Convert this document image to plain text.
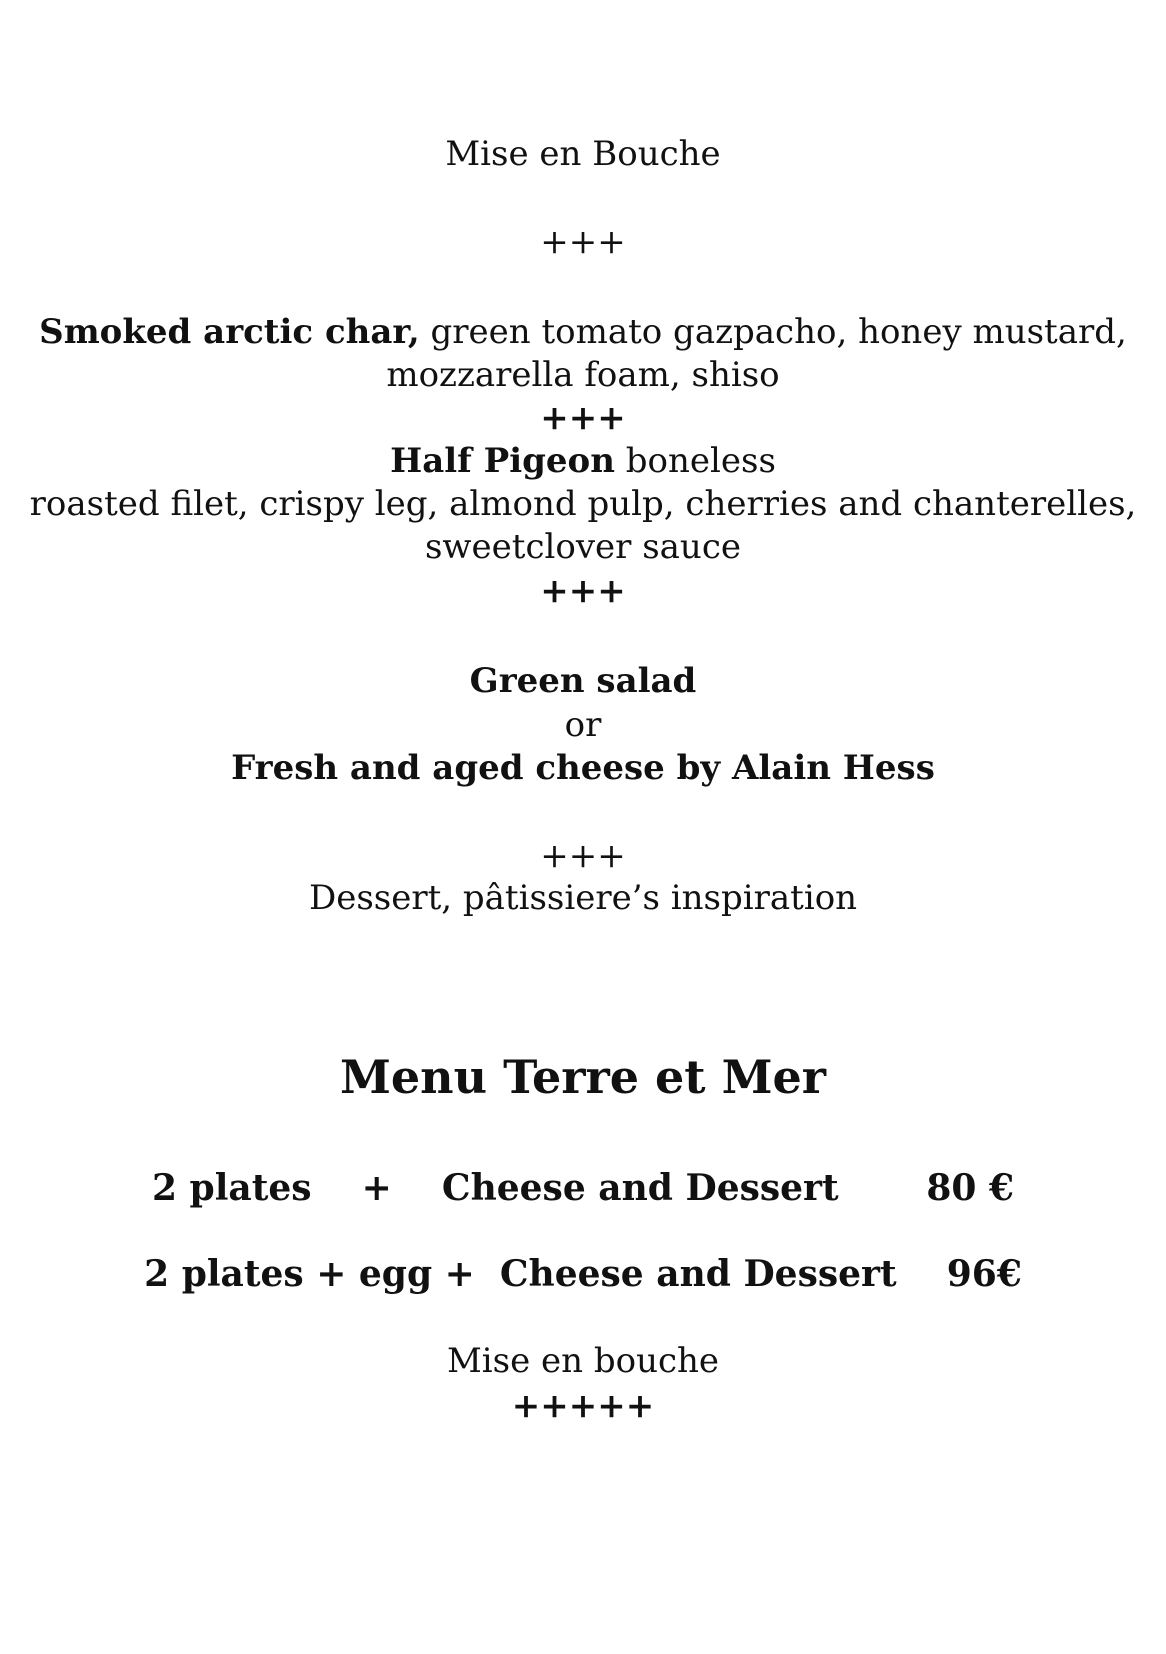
Mise en Bouche
+++
Smoked arctic char, green tomato gazpacho, honey mustard,
mozzarella foam, shiso
+++
Half Pigeon boneless
roasted filet, crispy leg, almond pulp, cherries and chanterelles,
sweetclover sauce
+++
Green salad
or
Fresh and aged cheese by Alain Hess
+++
Dessert, pâtissiere’s inspiration
Menu Terre et Mer
2 plates    +    Cheese and Dessert       80 €
2 plates + egg +  Cheese and Dessert    96€
Mise en bouche
+++++
